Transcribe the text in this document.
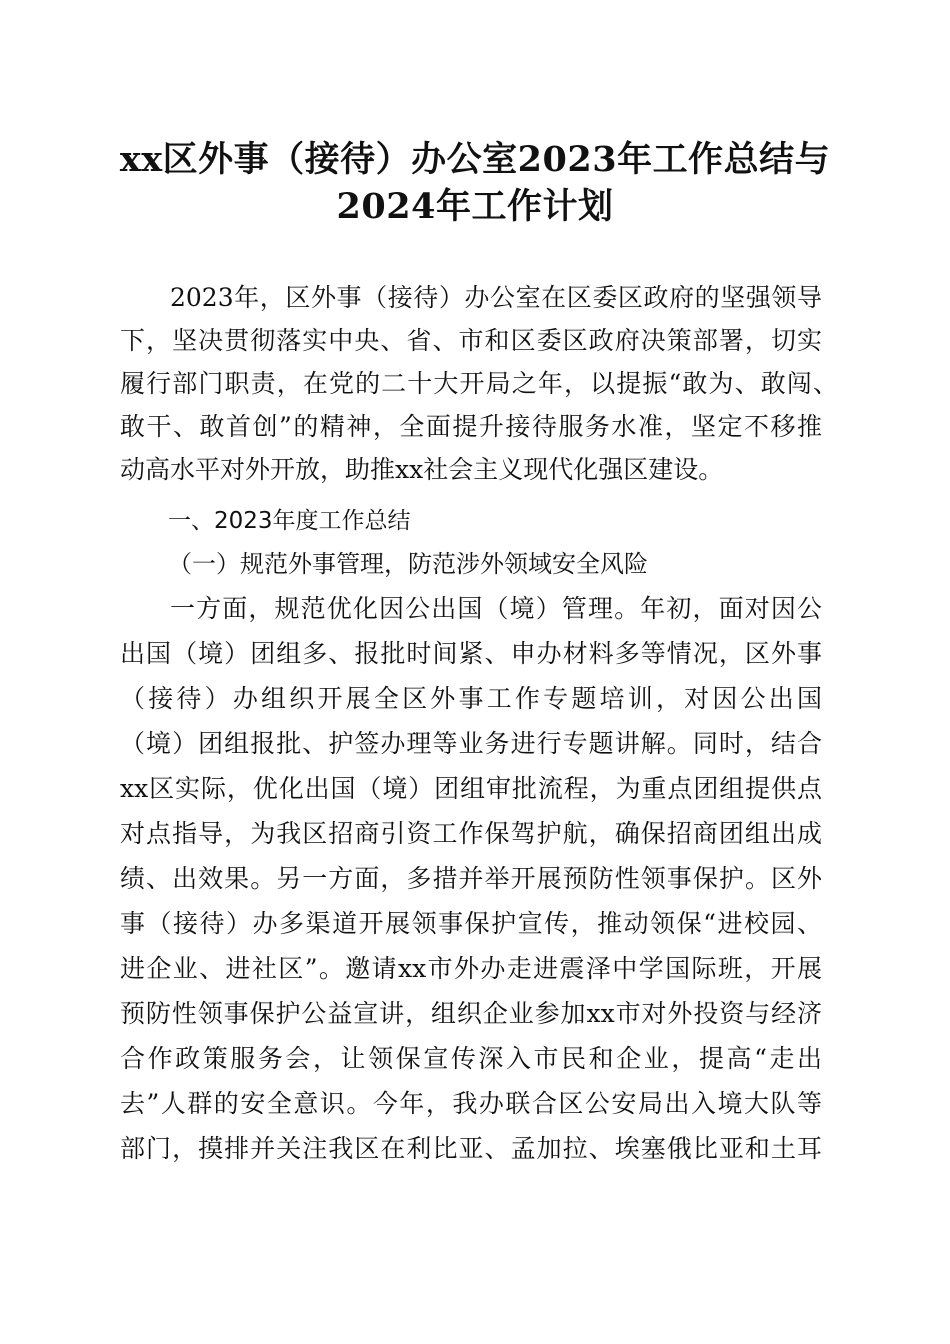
xx区外事（接待）办公室2023年工作总结与
2024年工作计划
2023年，区外事（接待）办公室在区委区政府的坚强领导
下，坚决贯彻落实中央、省、市和区委区政府决策部署，切实
履行部门职责，在党的二十大开局之年，以提振“敢为、敢闯、
敢干、敢首创”的精神，全面提升接待服务水准，坚定不移推
动高水平对外开放，助推xx社会主义现代化强区建设。
一、2023年度工作总结
（一）规范外事管理，防范涉外领域安全风险
一方面，规范优化因公出国（境）管理。年初，面对因公
出国（境）团组多、报批时间紧、申办材料多等情况，区外事
（接待）办组织开展全区外事工作专题培训，对因公出国
（境）团组报批、护签办理等业务进行专题讲解。同时，结合
xx区实际，优化出国（境）团组审批流程，为重点团组提供点
对点指导，为我区招商引资工作保驾护航，确保招商团组出成
绩、出效果。另一方面，多措并举开展预防性领事保护。区外
事（接待）办多渠道开展领事保护宣传，推动领保“进校园、
进企业、进社区”。邀请xx市外办走进震泽中学国际班，开展
预防性领事保护公益宣讲，组织企业参加xx市对外投资与经济
合作政策服务会，让领保宣传深入市民和企业，提高“走出
去”人群的安全意识。今年，我办联合区公安局出入境大队等
部门，摸排并关注我区在利比亚、孟加拉、埃塞俄比亚和土耳
